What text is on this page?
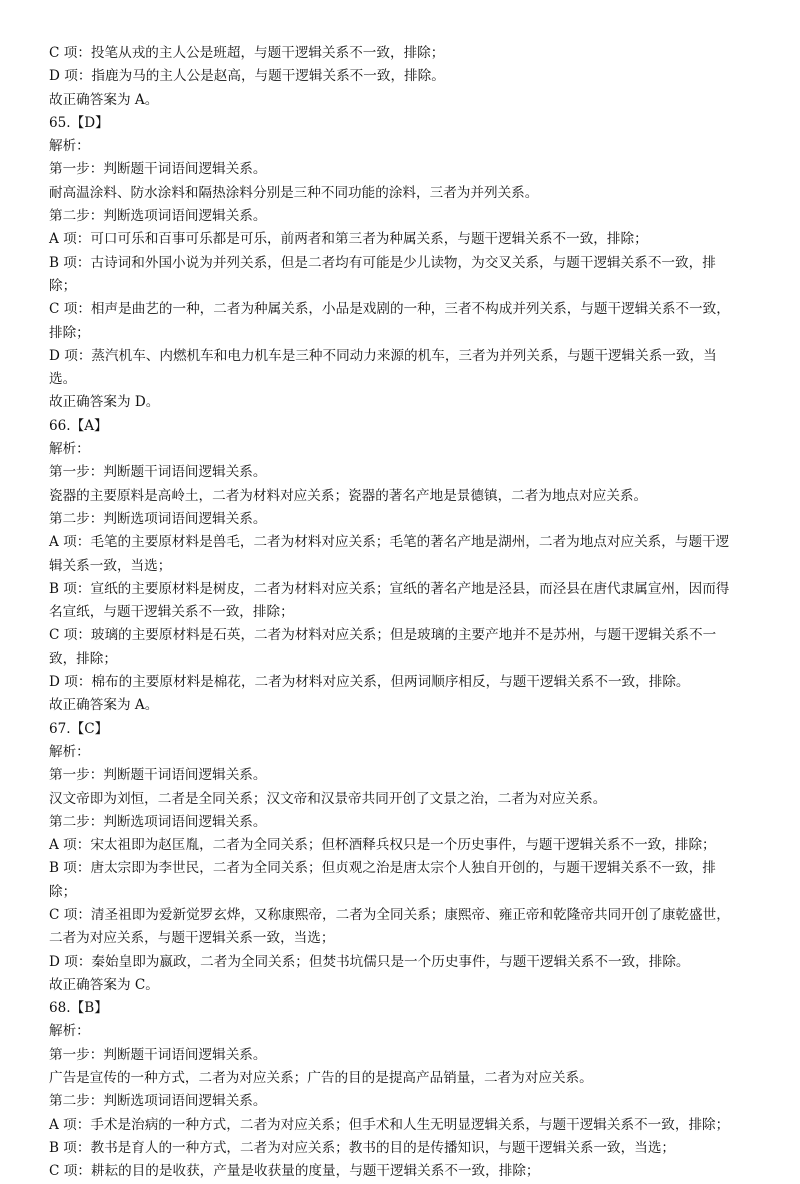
C 项：投笔从戎的主人公是班超，与题干逻辑关系不一致，排除；
D 项：指鹿为马的主人公是赵高，与题干逻辑关系不一致，排除。
故正确答案为 A。
65.【D】
解析：
第一步：判断题干词语间逻辑关系。
耐高温涂料、防水涂料和隔热涂料分别是三种不同功能的涂料，三者为并列关系。
第二步：判断选项词语间逻辑关系。
A 项：可口可乐和百事可乐都是可乐，前两者和第三者为种属关系，与题干逻辑关系不一致，排除；
B 项：古诗词和外国小说为并列关系，但是二者均有可能是少儿读物，为交叉关系，与题干逻辑关系不一致，排
除；
C 项：相声是曲艺的一种，二者为种属关系，小品是戏剧的一种，三者不构成并列关系，与题干逻辑关系不一致，
排除；
D 项：蒸汽机车、内燃机车和电力机车是三种不同动力来源的机车，三者为并列关系，与题干逻辑关系一致，当
选。
故正确答案为 D。
66.【A】
解析：
第一步：判断题干词语间逻辑关系。
瓷器的主要原料是高岭土，二者为材料对应关系；瓷器的著名产地是景德镇，二者为地点对应关系。
第二步：判断选项词语间逻辑关系。
A 项：毛笔的主要原材料是兽毛，二者为材料对应关系；毛笔的著名产地是湖州，二者为地点对应关系，与题干逻
辑关系一致，当选；
B 项：宣纸的主要原材料是树皮，二者为材料对应关系；宣纸的著名产地是泾县，而泾县在唐代隶属宣州，因而得
名宣纸，与题干逻辑关系不一致，排除；
C 项：玻璃的主要原材料是石英，二者为材料对应关系；但是玻璃的主要产地并不是苏州，与题干逻辑关系不一
致，排除；
D 项：棉布的主要原材料是棉花，二者为材料对应关系，但两词顺序相反，与题干逻辑关系不一致，排除。
故正确答案为 A。
67.【C】
解析：
第一步：判断题干词语间逻辑关系。
汉文帝即为刘恒，二者是全同关系；汉文帝和汉景帝共同开创了文景之治，二者为对应关系。
第二步：判断选项词语间逻辑关系。
A 项：宋太祖即为赵匡胤，二者为全同关系；但杯酒释兵权只是一个历史事件，与题干逻辑关系不一致，排除；
B 项：唐太宗即为李世民，二者为全同关系；但贞观之治是唐太宗个人独自开创的，与题干逻辑关系不一致，排
除；
C 项：清圣祖即为爱新觉罗玄烨，又称康熙帝，二者为全同关系；康熙帝、雍正帝和乾隆帝共同开创了康乾盛世，
二者为对应关系，与题干逻辑关系一致，当选；
D 项：秦始皇即为嬴政，二者为全同关系；但焚书坑儒只是一个历史事件，与题干逻辑关系不一致，排除。
故正确答案为 C。
68.【B】
解析：
第一步：判断题干词语间逻辑关系。
广告是宣传的一种方式，二者为对应关系；广告的目的是提高产品销量，二者为对应关系。
第二步：判断选项词语间逻辑关系。
A 项：手术是治病的一种方式，二者为对应关系；但手术和人生无明显逻辑关系，与题干逻辑关系不一致，排除；
B 项：教书是育人的一种方式，二者为对应关系；教书的目的是传播知识，与题干逻辑关系一致，当选；
C 项：耕耘的目的是收获，产量是收获量的度量，与题干逻辑关系不一致，排除；
